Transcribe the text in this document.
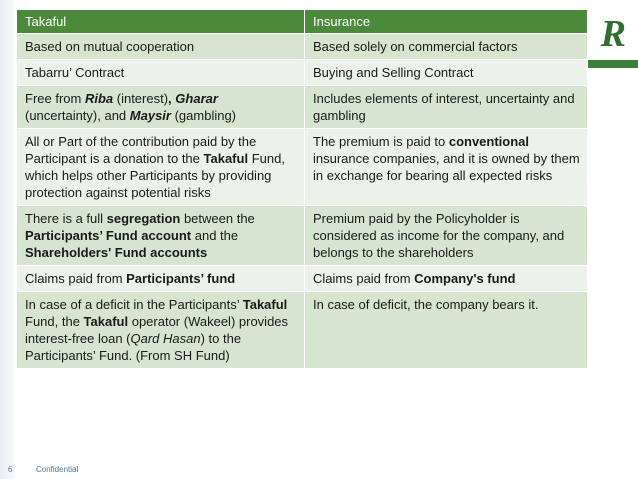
R
Takaful	Insurance
Based on mutual cooperation	Based solely on commercial factors
Tabarru’ Contract	Buying and Selling Contract
Free from Riba (interest), Gharar (uncertainty), and Maysir (gambling)	Includes elements of interest, uncertainty and gambling
All or Part of the contribution paid by the Participant is a donation to the Takaful Fund, which helps other Participants by providing protection against potential risks	The premium is paid to conventional insurance companies, and it is owned by them in exchange for bearing all expected risks
There is a full segregation between the Participants’ Fund account and the Shareholders' Fund accounts	Premium paid by the Policyholder is considered as income for the company, and belongs to the shareholders
Claims paid from Participants’ fund	Claims paid from Company's fund
In case of a deficit in the Participants’ Takaful Fund, the Takaful operator (Wakeel) provides interest-free loan (Qard Hasan) to the Participants’ Fund. (From SH Fund)	In case of deficit, the company bears it.
6	Confidential
